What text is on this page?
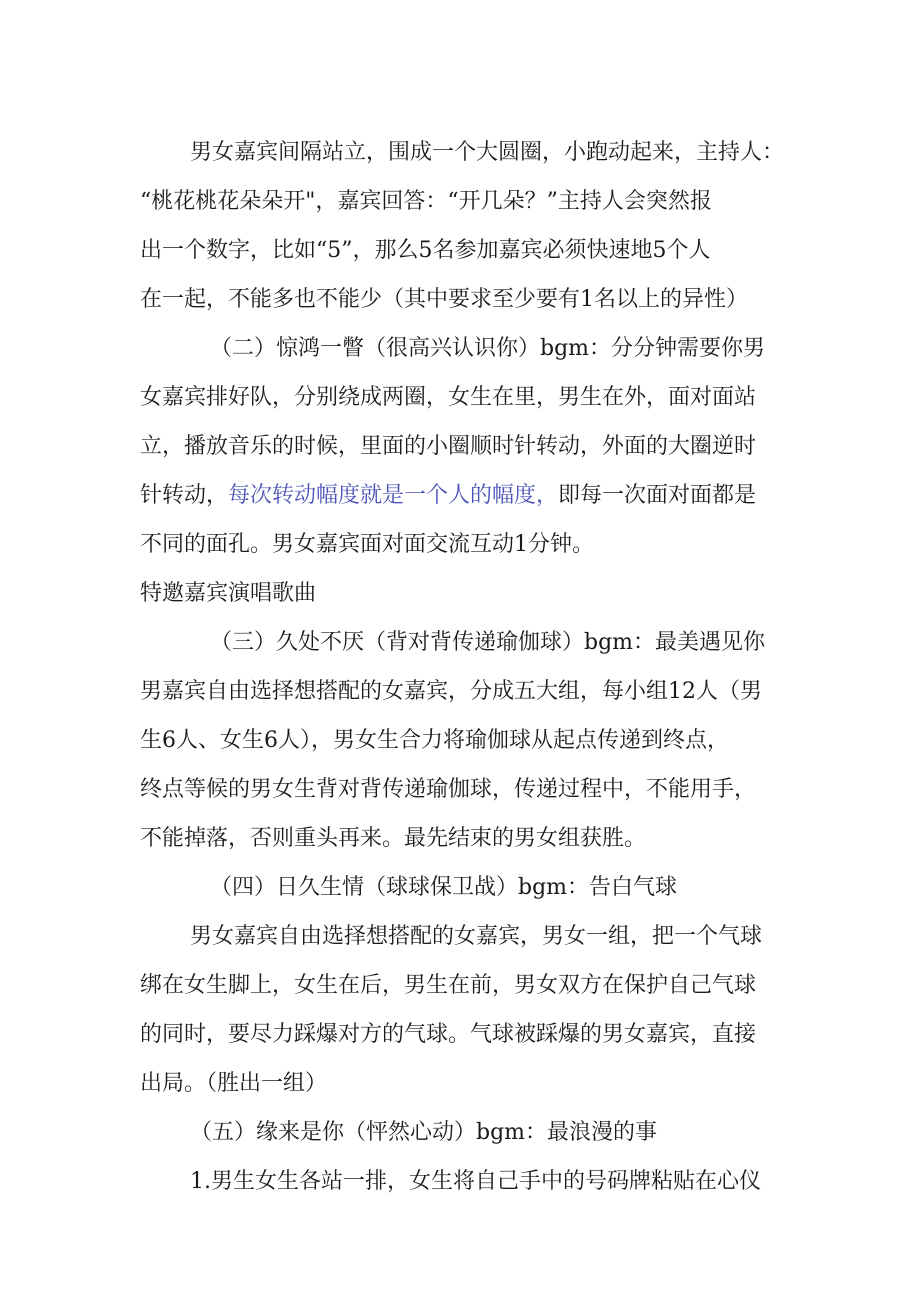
男女嘉宾间隔站立，围成一个大圆圈，小跑动起来，主持人：

“桃花桃花朵朵开"，嘉宾回答：“开几朵？”主持人会突然报

出一个数字，比如“5”，那么5名参加嘉宾必须快速地5个人

在一起，不能多也不能少（其中要求至少要有1名以上的异性）

（二）惊鸿一瞥（很高兴认识你）bgm：分分钟需要你男

女嘉宾排好队，分别绕成两圈，女生在里，男生在外，面对面站

立，播放音乐的时候，里面的小圈顺时针转动，外面的大圈逆时

针转动，每次转动幅度就是一个人的幅度，即每一次面对面都是

不同的面孔。男女嘉宾面对面交流互动1分钟。

特邀嘉宾演唱歌曲

（三）久处不厌（背对背传递瑜伽球）bgm：最美遇见你

男嘉宾自由选择想搭配的女嘉宾，分成五大组，每小组12人（男

生6人、女生6人），男女生合力将瑜伽球从起点传递到终点，

终点等候的男女生背对背传递瑜伽球，传递过程中，不能用手，

不能掉落，否则重头再来。最先结束的男女组获胜。

（四）日久生情（球球保卫战）bgm：告白气球

男女嘉宾自由选择想搭配的女嘉宾，男女一组，把一个气球

绑在女生脚上，女生在后，男生在前，男女双方在保护自己气球

的同时，要尽力踩爆对方的气球。气球被踩爆的男女嘉宾，直接

出局。（胜出一组）

（五）缘来是你（怦然心动）bgm：最浪漫的事

1.男生女生各站一排，女生将自己手中的号码牌粘贴在心仪
